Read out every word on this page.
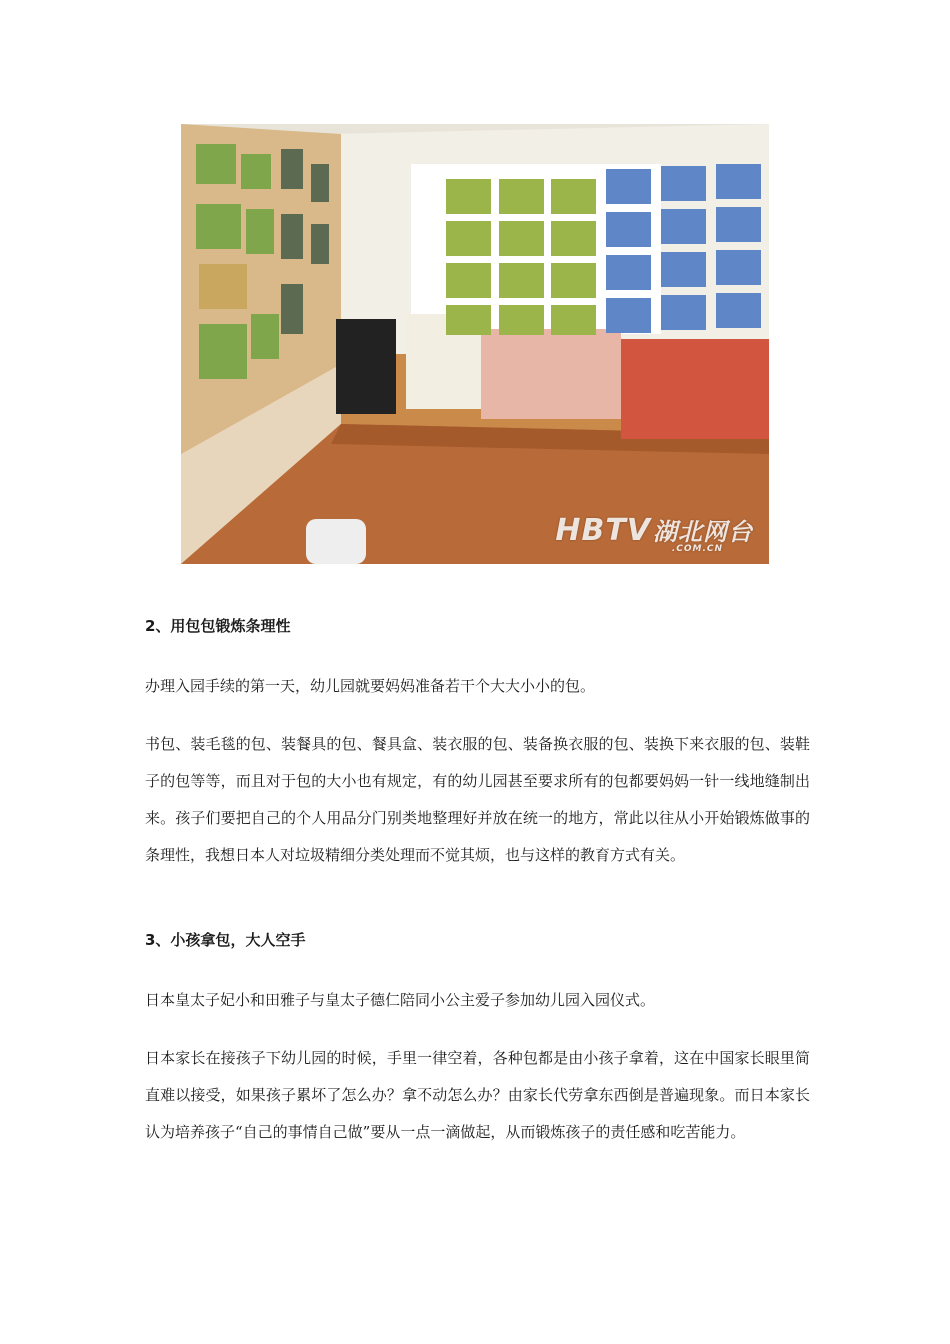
HBTV湖北网台
.COM.CN
2、用包包锻炼条理性
办理入园手续的第一天，幼儿园就要妈妈准备若干个大大小小的包。
书包、装毛毯的包、装餐具的包、餐具盒、装衣服的包、装备换衣服的包、装换下来衣服的包、装鞋子的包等等，而且对于包的大小也有规定，有的幼儿园甚至要求所有的包都要妈妈一针一线地缝制出来。孩子们要把自己的个人用品分门别类地整理好并放在统一的地方，常此以往从小开始锻炼做事的条理性，我想日本人对垃圾精细分类处理而不觉其烦，也与这样的教育方式有关。
3、小孩拿包，大人空手
日本皇太子妃小和田雅子与皇太子德仁陪同小公主爱子参加幼儿园入园仪式。
日本家长在接孩子下幼儿园的时候，手里一律空着，各种包都是由小孩子拿着，这在中国家长眼里简直难以接受，如果孩子累坏了怎么办？拿不动怎么办？由家长代劳拿东西倒是普遍现象。而日本家长认为培养孩子“自己的事情自己做”要从一点一滴做起，从而锻炼孩子的责任感和吃苦能力。
